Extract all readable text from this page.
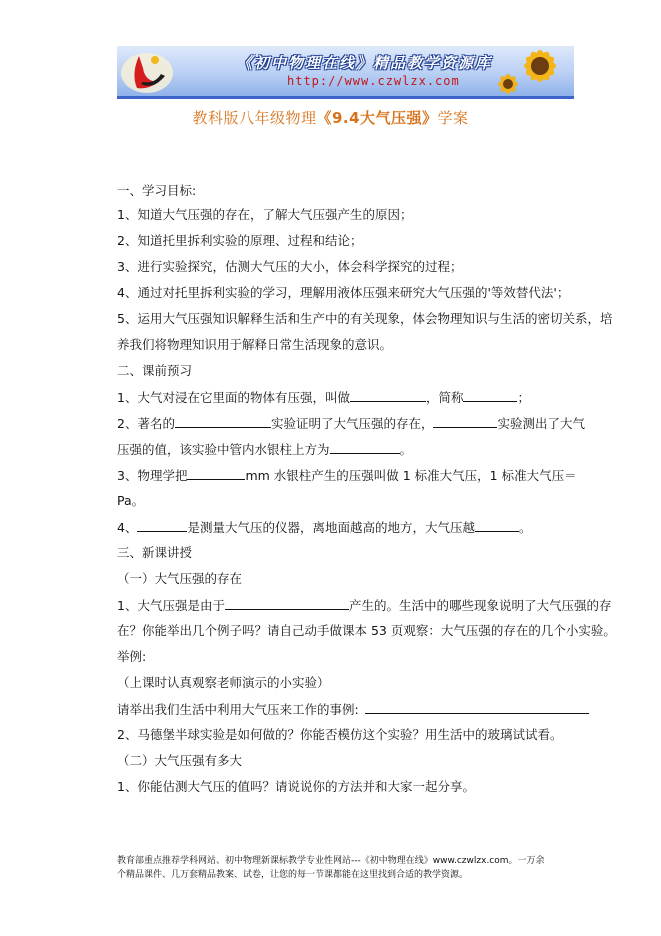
《初中物理在线》精品教学资源库
http://www.czwlzx.com
教科版八年级物理《9.4大气压强》学案
一、学习目标:
1、知道大气压强的存在，了解大气压强产生的原因；
2、知道托里拆利实验的原理、过程和结论；
3、进行实验探究，估测大气压的大小，体会科学探究的过程；
4、通过对托里拆利实验的学习，理解用液体压强来研究大气压强的'等效替代法'；
5、运用大气压强知识解释生活和生产中的有关现象，体会物理知识与生活的密切关系，培
养我们将物理知识用于解释日常生活现象的意识。
二、课前预习
1、大气对浸在它里面的物体有压强，叫做	，简称	；
2、著名的	实验证明了大气压强的存在，	实验测出了大气
压强的值，该实验中管内水银柱上方为	。
3、物理学把	mm 水银柱产生的压强叫做 1 标准大气压，1 标准大气压＝
Pa。
4、	是测量大气压的仪器，离地面越高的地方，大气压越	。
三、新课讲授
（一）大气压强的存在
1、大气压强是由于	产生的。生活中的哪些现象说明了大气压强的存
在？你能举出几个例子吗？请自己动手做课本 53 页观察：大气压强的存在的几个小实验。
举例:
（上课时认真观察老师演示的小实验）
请举出我们生活中利用大气压来工作的事例:
2、马德堡半球实验是如何做的？你能否模仿这个实验？用生活中的玻璃试试看。
（二）大气压强有多大
1、你能估测大气压的值吗？请说说你的方法并和大家一起分享。
教育部重点推荐学科网站、初中物理新课标教学专业性网站---《初中物理在线》www.czwlzx.com。一万余
个精品课件、几万套精品教案、试卷，让您的每一节课都能在这里找到合适的教学资源。
